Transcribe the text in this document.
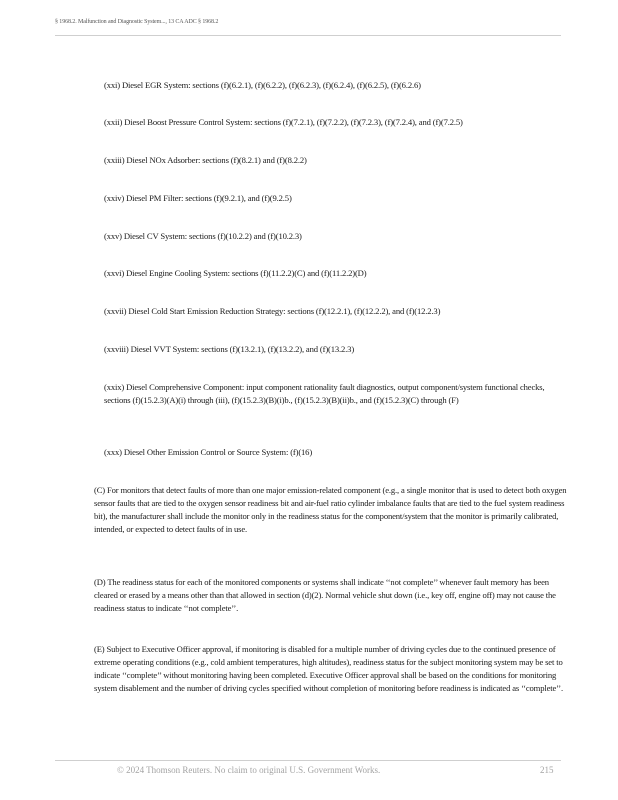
§ 1968.2. Malfunction and Diagnostic System..., 13 CA ADC § 1968.2
(xxi) Diesel EGR System: sections (f)(6.2.1), (f)(6.2.2), (f)(6.2.3), (f)(6.2.4), (f)(6.2.5), (f)(6.2.6)
(xxii) Diesel Boost Pressure Control System: sections (f)(7.2.1), (f)(7.2.2), (f)(7.2.3), (f)(7.2.4), and (f)(7.2.5)
(xxiii) Diesel NOx Adsorber: sections (f)(8.2.1) and (f)(8.2.2)
(xxiv) Diesel PM Filter: sections (f)(9.2.1), and (f)(9.2.5)
(xxv) Diesel CV System: sections (f)(10.2.2) and (f)(10.2.3)
(xxvi) Diesel Engine Cooling System: sections (f)(11.2.2)(C) and (f)(11.2.2)(D)
(xxvii) Diesel Cold Start Emission Reduction Strategy: sections (f)(12.2.1), (f)(12.2.2), and (f)(12.2.3)
(xxviii) Diesel VVT System: sections (f)(13.2.1), (f)(13.2.2), and (f)(13.2.3)
(xxix) Diesel Comprehensive Component: input component rationality fault diagnostics, output component/system functional checks, sections (f)(15.2.3)(A)(i) through (iii), (f)(15.2.3)(B)(i)b., (f)(15.2.3)(B)(ii)b., and (f)(15.2.3)(C) through (F)
(xxx) Diesel Other Emission Control or Source System: (f)(16)
(C) For monitors that detect faults of more than one major emission-related component (e.g., a single monitor that is used to detect both oxygen sensor faults that are tied to the oxygen sensor readiness bit and air-fuel ratio cylinder imbalance faults that are tied to the fuel system readiness bit), the manufacturer shall include the monitor only in the readiness status for the component/system that the monitor is primarily calibrated, intended, or expected to detect faults of in use.
(D) The readiness status for each of the monitored components or systems shall indicate ‘‘not complete’’ whenever fault memory has been cleared or erased by a means other than that allowed in section (d)(2). Normal vehicle shut down (i.e., key off, engine off) may not cause the readiness status to indicate ‘‘not complete’’.
(E) Subject to Executive Officer approval, if monitoring is disabled for a multiple number of driving cycles due to the continued presence of extreme operating conditions (e.g., cold ambient temperatures, high altitudes), readiness status for the subject monitoring system may be set to indicate ‘‘complete’’ without monitoring having been completed. Executive Officer approval shall be based on the conditions for monitoring system disablement and the number of driving cycles specified without completion of monitoring before readiness is indicated as ‘‘complete’’.
© 2024 Thomson Reuters. No claim to original U.S. Government Works.	215
